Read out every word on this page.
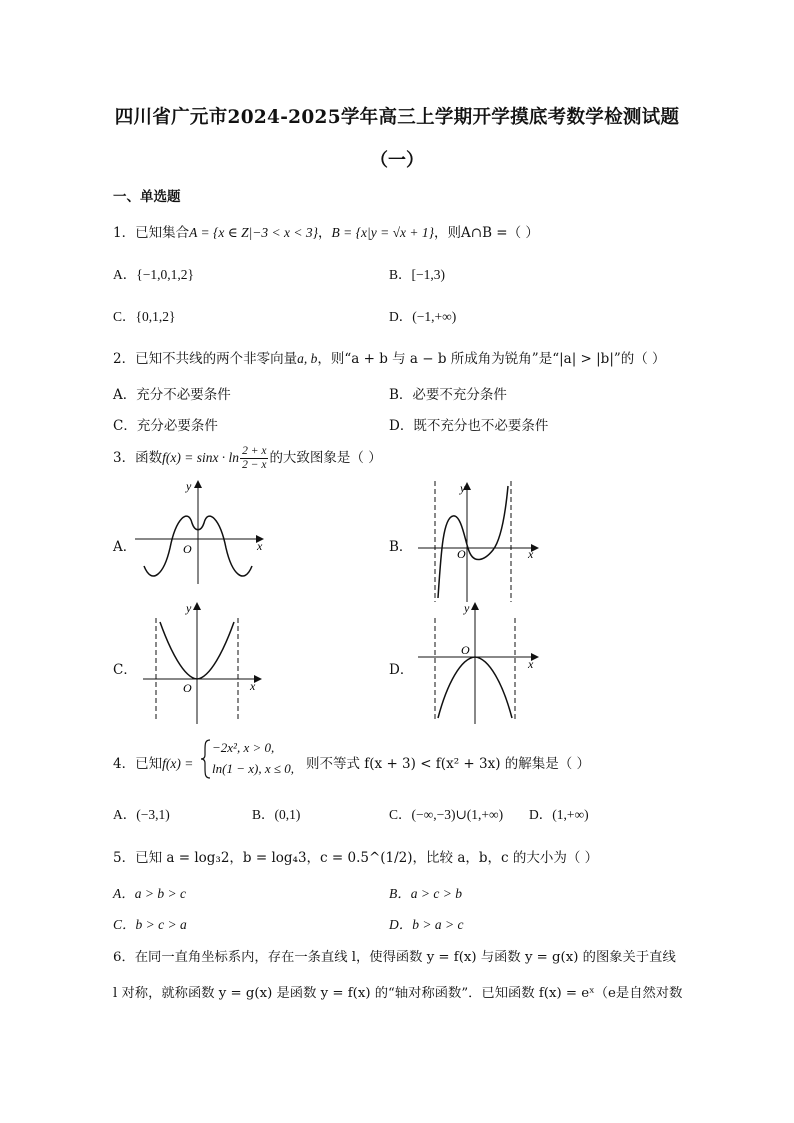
四川省广元市2024-2025学年高三上学期开学摸底考数学检测试题
（一）
一、单选题
1．已知集合A = {x ∈ Z|−3 < x < 3}，B = {x|y = √x + 1}，则A∩B =（ ）
A．{−1,0,1,2}	B．[−1,3)
C．{0,1,2}	D．(−1,+∞)
2．已知不共线的两个非零向量a, b，则“a + b 与 a − b 所成角为锐角”是“|a| > |b|”的（ ）
A．充分不必要条件	B．必要不充分条件
C．充分必要条件	D．既不充分也不必要条件
3．函数$f(x) = \sin x \cdot \ln \frac{2 + x}{2 - x}$ 的大致图象是（ ）
A．	B．
C．	D．
x
y
O	x
y
O
x
y
O
x
y
O
4．已知f(x) =
−2x², x > 0,
ln(1 − x), x ≤ 0, 则不等式 f(x + 3) < f(x² + 3x) 的解集是（ ）
A．(−3,1)	B．(0,1)	C．(−∞,−3)∪(1,+∞) D．(1,+∞)
5．已知 a = log₃2，b = log₄3，c = 0.5^(1/2)，比较 a，b，c 的大小为（ ）
A．a > b > c	B．a > c > b
C．b > c > a	D．b > a > c
6．在同一直角坐标系内，存在一条直线 l，使得函数 y = f(x) 与函数 y = g(x) 的图象关于直线
l 对称，就称函数 y = g(x) 是函数 y = f(x) 的“轴对称函数”．已知函数 f(x) = eˣ（e是自然对数
